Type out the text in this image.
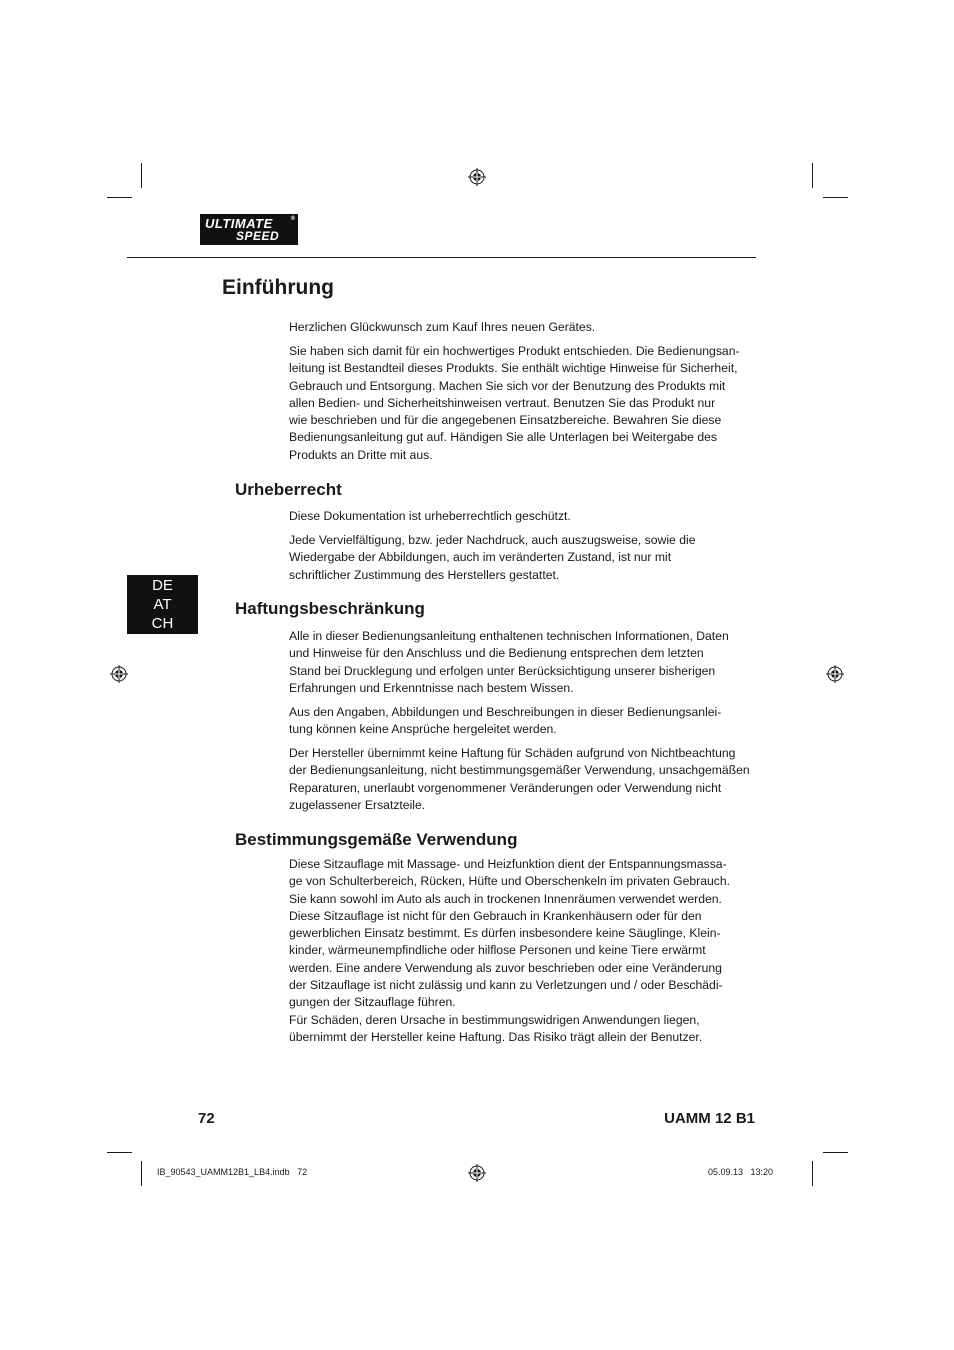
ULTIMATE
SPEED
®
Einführung

Herzlichen Glückwunsch zum Kauf Ihres neuen Gerätes.

Sie haben sich damit für ein hochwertiges Produkt entschieden. Die Bedienungsan-
leitung ist Bestandteil dieses Produkts. Sie enthält wichtige Hinweise für Sicherheit,
Gebrauch und Entsorgung. Machen Sie sich vor der Benutzung des Produkts mit
allen Bedien- und Sicherheitshinweisen vertraut. Benutzen Sie das Produkt nur
wie beschrieben und für die angegebenen Einsatzbereiche. Bewahren Sie diese
Bedienungsanleitung gut auf. Händigen Sie alle Unterlagen bei Weitergabe des
Produkts an Dritte mit aus.

Urheberrecht

Diese Dokumentation ist urheberrechtlich geschützt.

Jede Vervielfältigung, bzw. jeder Nachdruck, auch auszugsweise, sowie die
Wiedergabe der Abbildungen, auch im veränderten Zustand, ist nur mit
schriftlicher Zustimmung des Herstellers gestattet.

DE
AT
CH
Haftungsbeschränkung

Alle in dieser Bedienungsanleitung enthaltenen technischen Informationen, Daten
und Hinweise für den Anschluss und die Bedienung entsprechen dem letzten
Stand bei Drucklegung und erfolgen unter Berücksichtigung unserer bisherigen
Erfahrungen und Erkenntnisse nach bestem Wissen.

Aus den Angaben, Abbildungen und Beschreibungen in dieser Bedienungsanlei-
tung können keine Ansprüche hergeleitet werden.

Der Hersteller übernimmt keine Haftung für Schäden aufgrund von Nichtbeachtung
der Bedienungsanleitung, nicht bestimmungsgemäßer Verwendung, unsachgemäßen
Reparaturen, unerlaubt vorgenommener Veränderungen oder Verwendung nicht
zugelassener Ersatzteile.

Bestimmungsgemäße Verwendung

Diese Sitzauflage mit Massage- und Heizfunktion dient der Entspannungsmassa-
ge von Schulterbereich, Rücken, Hüfte und Oberschenkeln im privaten Gebrauch.
Sie kann sowohl im Auto als auch in trockenen Innenräumen verwendet werden.
Diese Sitzauflage ist nicht für den Gebrauch in Krankenhäusern oder für den
gewerblichen Einsatz bestimmt. Es dürfen insbesondere keine Säuglinge, Klein-
kinder, wärmeunempfindliche oder hilflose Personen und keine Tiere erwärmt
werden. Eine andere Verwendung als zuvor beschrieben oder eine Veränderung
der Sitzauflage ist nicht zulässig und kann zu Verletzungen und / oder Beschädi-
gungen der Sitzauflage führen.
Für Schäden, deren Ursache in bestimmungswidrigen Anwendungen liegen,
übernimmt der Hersteller keine Haftung. Das Risiko trägt allein der Benutzer.

72	UAMM 12 B1
IB_90543_UAMM12B1_LB4.indb   72	05.09.13   13:20
